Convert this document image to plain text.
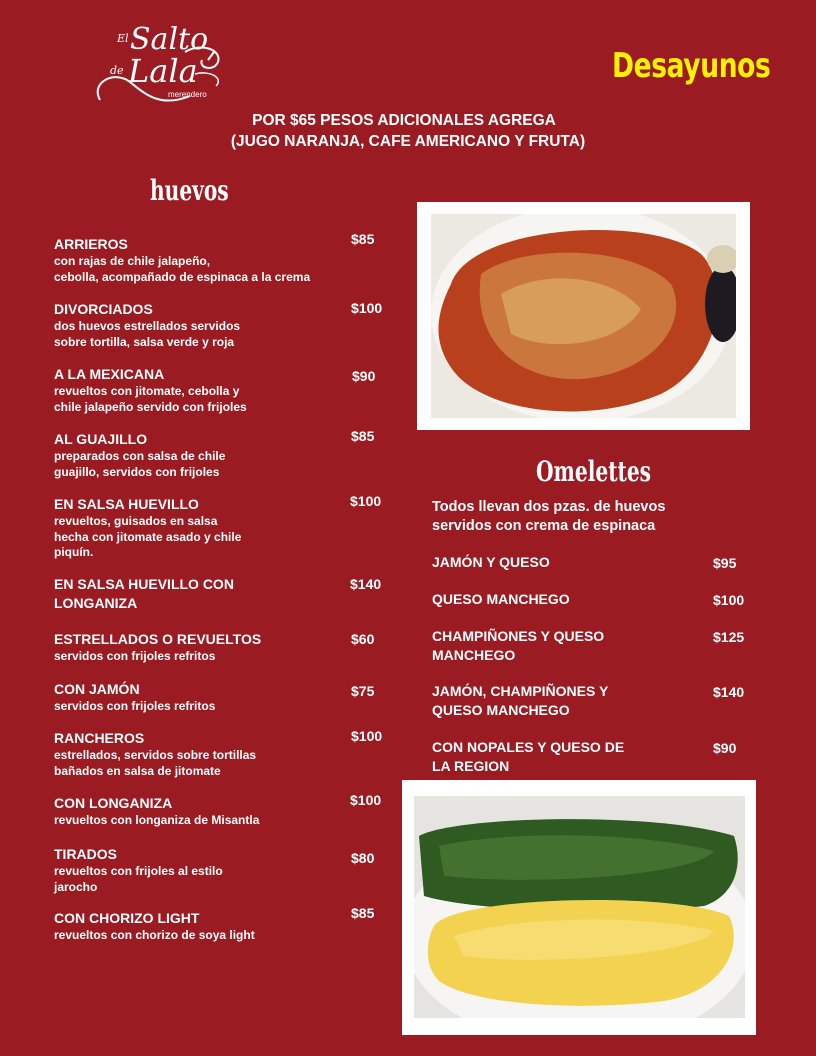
El Salto
de Lala
merendero
Desayunos
POR $65 PESOS ADICIONALES AGREGA
(JUGO NARANJA, CAFE AMERICANO Y FRUTA)
huevos
ARRIEROS
con rajas de chile jalapeño,
cebolla, acompañado de espinaca a la crema
$85
DIVORCIADOS
dos huevos estrellados servidos
sobre tortilla, salsa verde y roja
$100
A LA MEXICANA
revueltos con jitomate, cebolla y
chile jalapeño servido con frijoles
$90
AL GUAJILLO
preparados con salsa de chile
guajillo, servidos con frijoles
$85
EN SALSA HUEVILLO
revueltos, guisados en salsa
hecha con jitomate asado y chile
piquín.
$100
EN SALSA HUEVILLO CON
LONGANIZA
$140
ESTRELLADOS O REVUELTOS
servidos con frijoles refritos
$60
CON JAMÓN
servidos con frijoles refritos
$75
RANCHEROS
estrellados, servidos sobre tortillas
bañados en salsa de jitomate
$100
CON LONGANIZA
revueltos con longaniza de Misantla
$100
TIRADOS
revueltos con frijoles al estilo
jarocho
$80
CON CHORIZO LIGHT
revueltos con chorizo de soya light
$85
Omelettes
Todos llevan dos pzas. de huevos
servidos con crema de espinaca
JAMÓN Y QUESO	$95
QUESO MANCHEGO	$100
CHAMPIÑONES Y QUESO
MANCHEGO
$125
JAMÓN, CHAMPIÑONES Y
QUESO MANCHEGO
$140
CON NOPALES Y QUESO DE
LA REGION
$90
